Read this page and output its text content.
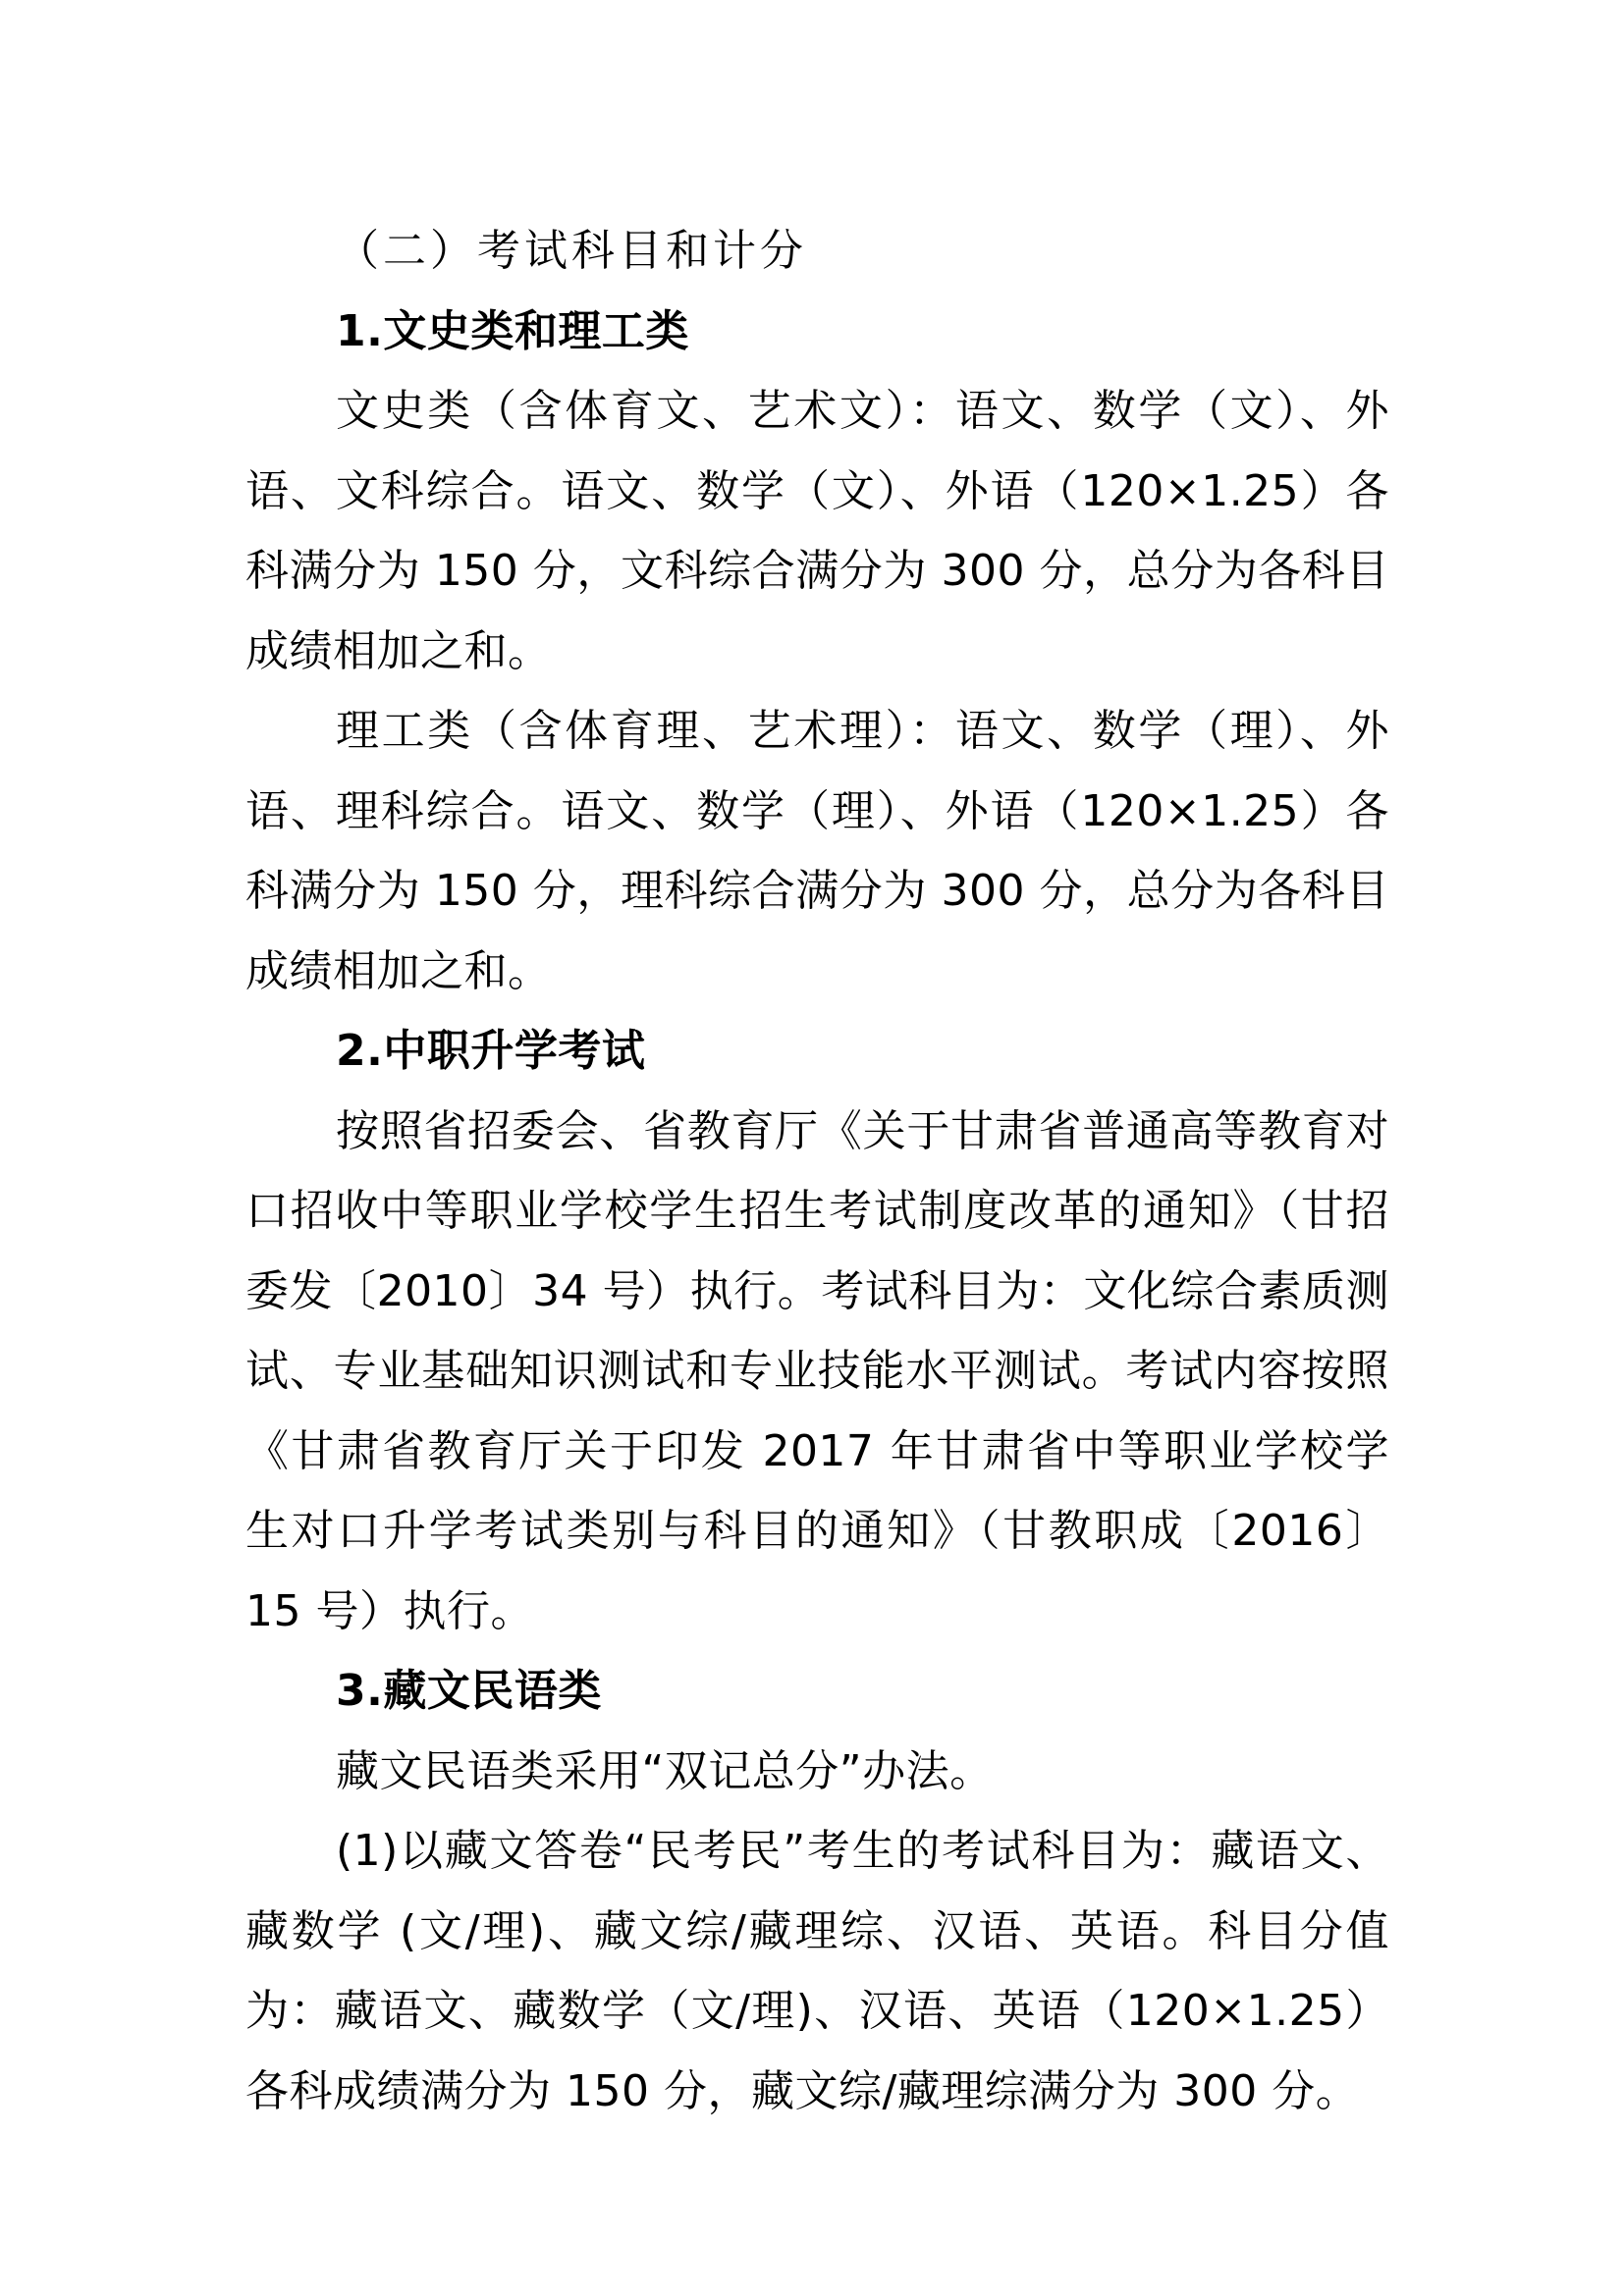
（二）考试科目和计分

1.文史类和理工类

文史类（含体育文、艺术文）：语文、数学（文）、外语、文科综合。语文、数学（文）、外语（120×1.25）各科满分为 150 分，文科综合满分为 300 分，总分为各科目成绩相加之和。

理工类（含体育理、艺术理）：语文、数学（理）、外语、理科综合。语文、数学（理）、外语（120×1.25）各科满分为 150 分，理科综合满分为 300 分，总分为各科目成绩相加之和。

2.中职升学考试

按照省招委会、省教育厅《关于甘肃省普通高等教育对口招收中等职业学校学生招生考试制度改革的通知》（甘招委发〔2010〕34 号）执行。考试科目为：文化综合素质测试、专业基础知识测试和专业技能水平测试。考试内容按照《甘肃省教育厅关于印发 2017 年甘肃省中等职业学校学生对口升学考试类别与科目的通知》（甘教职成〔2016〕15 号）执行。

3.藏文民语类

藏文民语类采用“双记总分”办法。

(1)以藏文答卷“民考民”考生的考试科目为：藏语文、藏数学 (文/理)、藏文综/藏理综、汉语、英语。科目分值为：藏语文、藏数学（文/理)、汉语、英语（120×1.25）各科成绩满分为 150 分，藏文综/藏理综满分为 300 分。
